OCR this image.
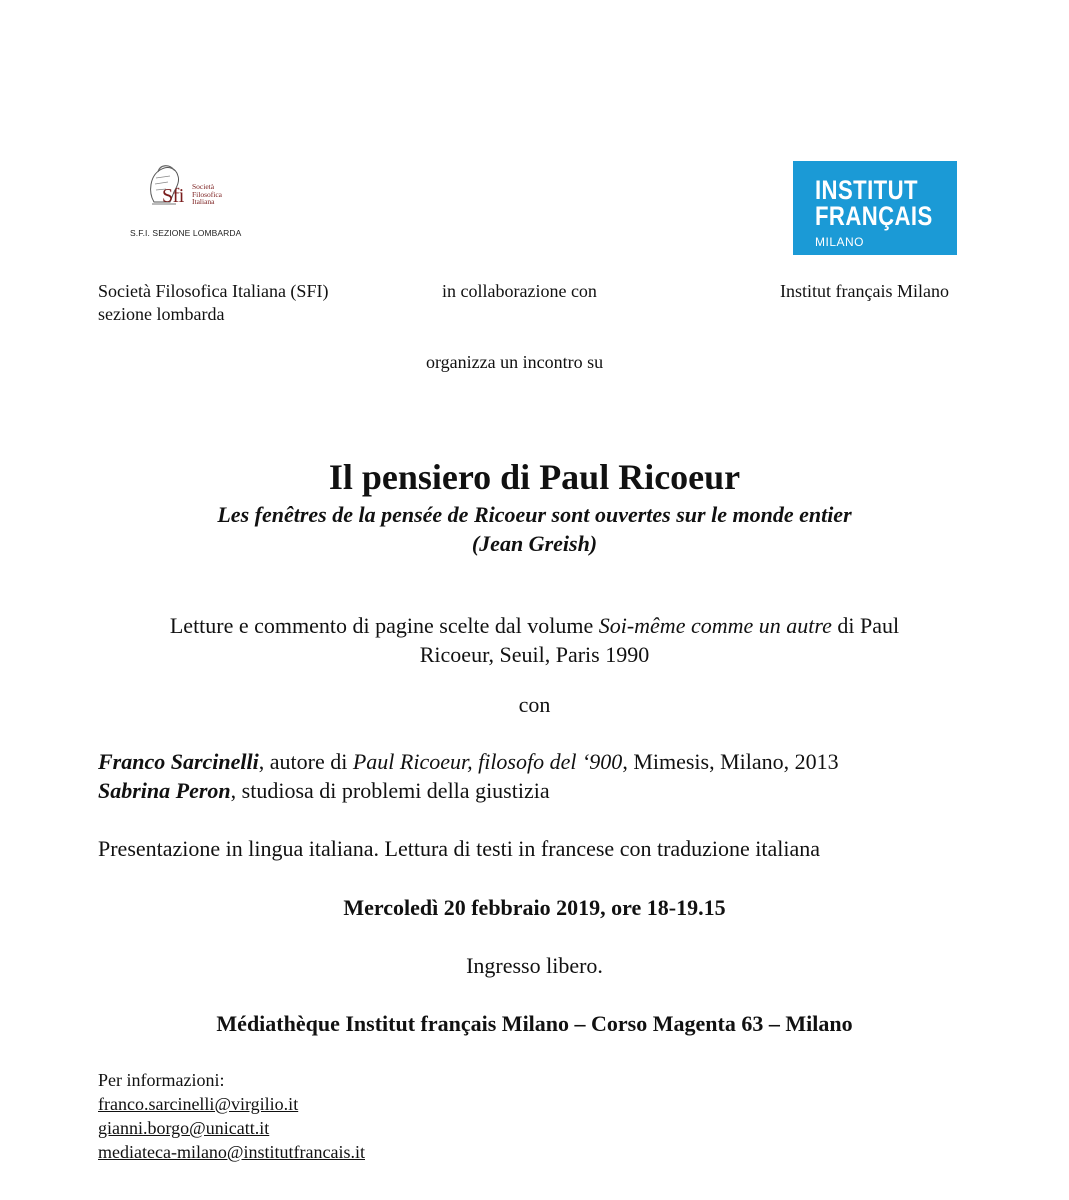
Sfi Società
Filosofica
Italiana
S.F.I. SEZIONE LOMBARDA
INSTITUT
FRANÇAIS
MILANO
Società Filosofica Italiana (SFI)
sezione lombarda
in collaborazione con	Institut français Milano
organizza un incontro su
Il pensiero di Paul Ricoeur
Les fenêtres de la pensée de Ricoeur sont ouvertes sur le monde entier
(Jean Greish)
Letture e commento di pagine scelte dal volume Soi-même comme un autre di Paul
Ricoeur, Seuil, Paris 1990
con
Franco Sarcinelli, autore di Paul Ricoeur, filosofo del ‘900, Mimesis, Milano, 2013
Sabrina Peron, studiosa di problemi della giustizia
Presentazione in lingua italiana. Lettura di testi in francese con traduzione italiana
Mercoledì 20 febbraio 2019, ore 18-19.15
Ingresso libero.
Médiathèque Institut français Milano – Corso Magenta 63 – Milano
Per informazioni:
franco.sarcinelli@virgilio.it
gianni.borgo@unicatt.it
mediateca-milano@institutfrancais.it
